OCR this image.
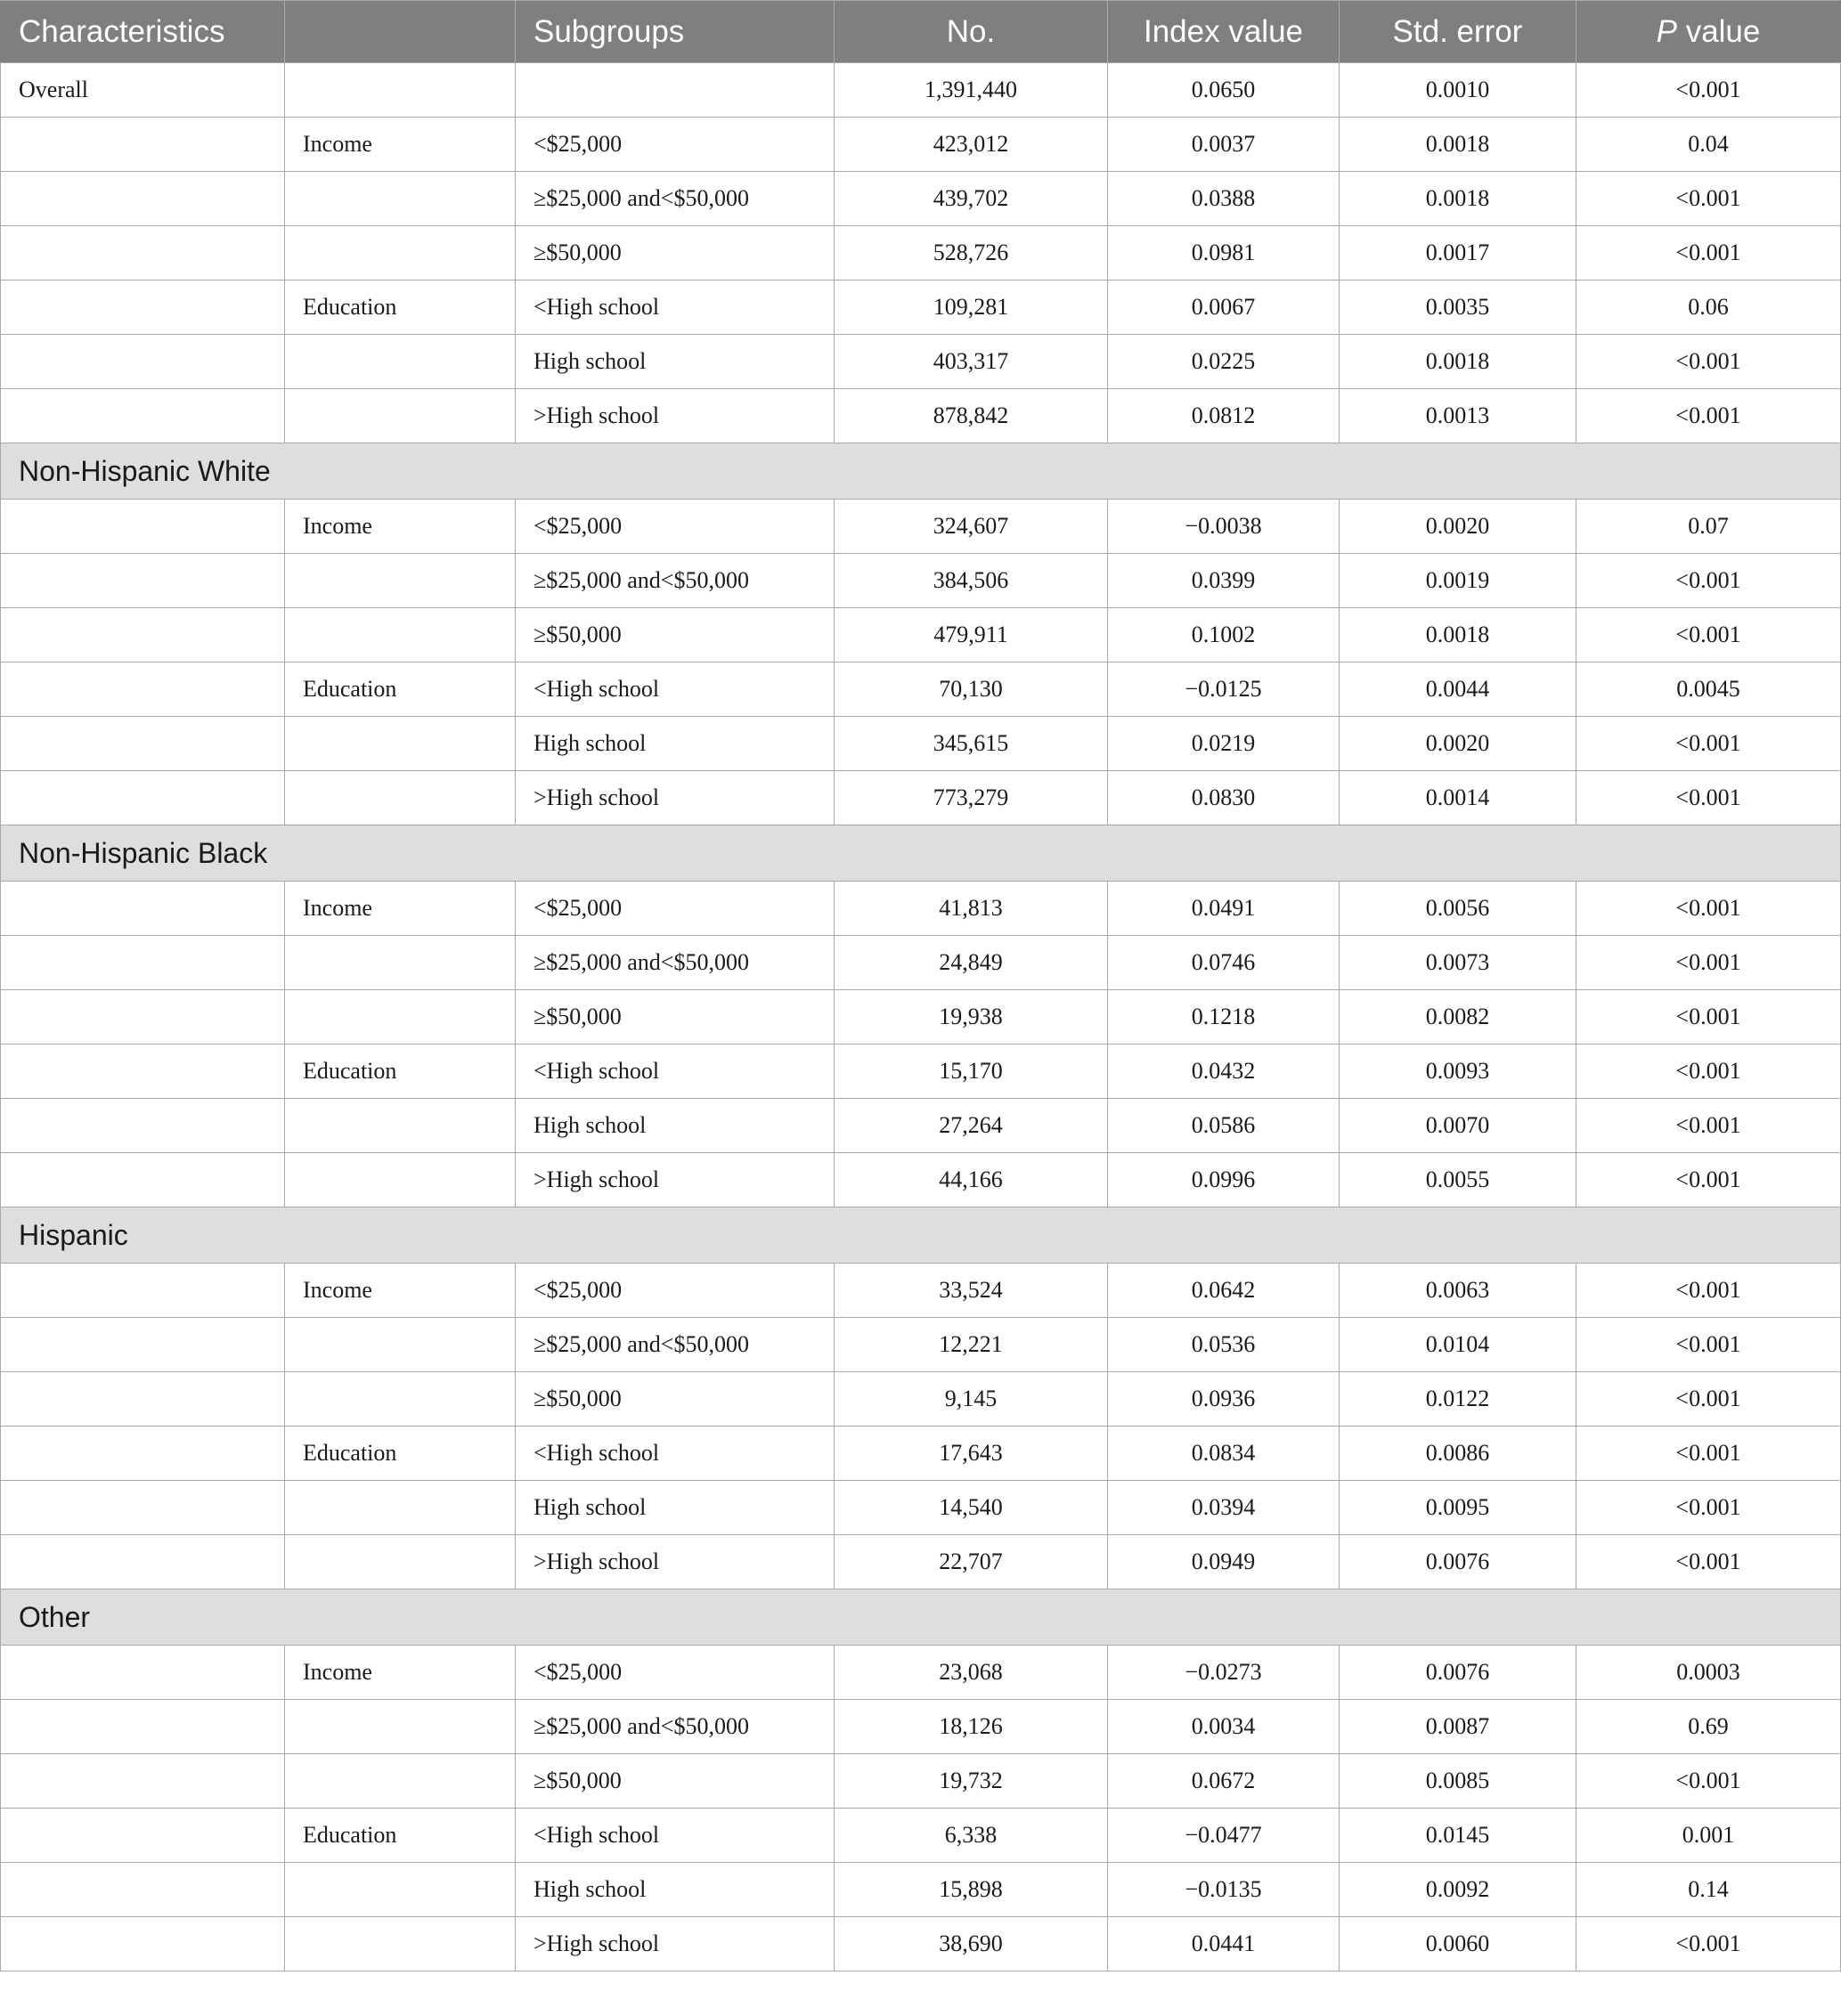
Characteristics		Subgroups	No.	Index value	Std. error	P value
Overall			1,391,440	0.0650	0.0010	<0.001
	Income	<$25,000	423,012	0.0037	0.0018	0.04
		≥$25,000 and<$50,000	439,702	0.0388	0.0018	<0.001
		≥$50,000	528,726	0.0981	0.0017	<0.001
	Education	<High school	109,281	0.0067	0.0035	0.06
		High school	403,317	0.0225	0.0018	<0.001
		>High school	878,842	0.0812	0.0013	<0.001
Non-Hispanic White						
	Income	<$25,000	324,607	−0.0038	0.0020	0.07
		≥$25,000 and<$50,000	384,506	0.0399	0.0019	<0.001
		≥$50,000	479,911	0.1002	0.0018	<0.001
	Education	<High school	70,130	−0.0125	0.0044	0.0045
		High school	345,615	0.0219	0.0020	<0.001
		>High school	773,279	0.0830	0.0014	<0.001
Non-Hispanic Black						
	Income	<$25,000	41,813	0.0491	0.0056	<0.001
		≥$25,000 and<$50,000	24,849	0.0746	0.0073	<0.001
		≥$50,000	19,938	0.1218	0.0082	<0.001
	Education	<High school	15,170	0.0432	0.0093	<0.001
		High school	27,264	0.0586	0.0070	<0.001
		>High school	44,166	0.0996	0.0055	<0.001
Hispanic						
	Income	<$25,000	33,524	0.0642	0.0063	<0.001
		≥$25,000 and<$50,000	12,221	0.0536	0.0104	<0.001
		≥$50,000	9,145	0.0936	0.0122	<0.001
	Education	<High school	17,643	0.0834	0.0086	<0.001
		High school	14,540	0.0394	0.0095	<0.001
		>High school	22,707	0.0949	0.0076	<0.001
Other						
	Income	<$25,000	23,068	−0.0273	0.0076	0.0003
		≥$25,000 and<$50,000	18,126	0.0034	0.0087	0.69
		≥$50,000	19,732	0.0672	0.0085	<0.001
	Education	<High school	6,338	−0.0477	0.0145	0.001
		High school	15,898	−0.0135	0.0092	0.14
		>High school	38,690	0.0441	0.0060	<0.001
